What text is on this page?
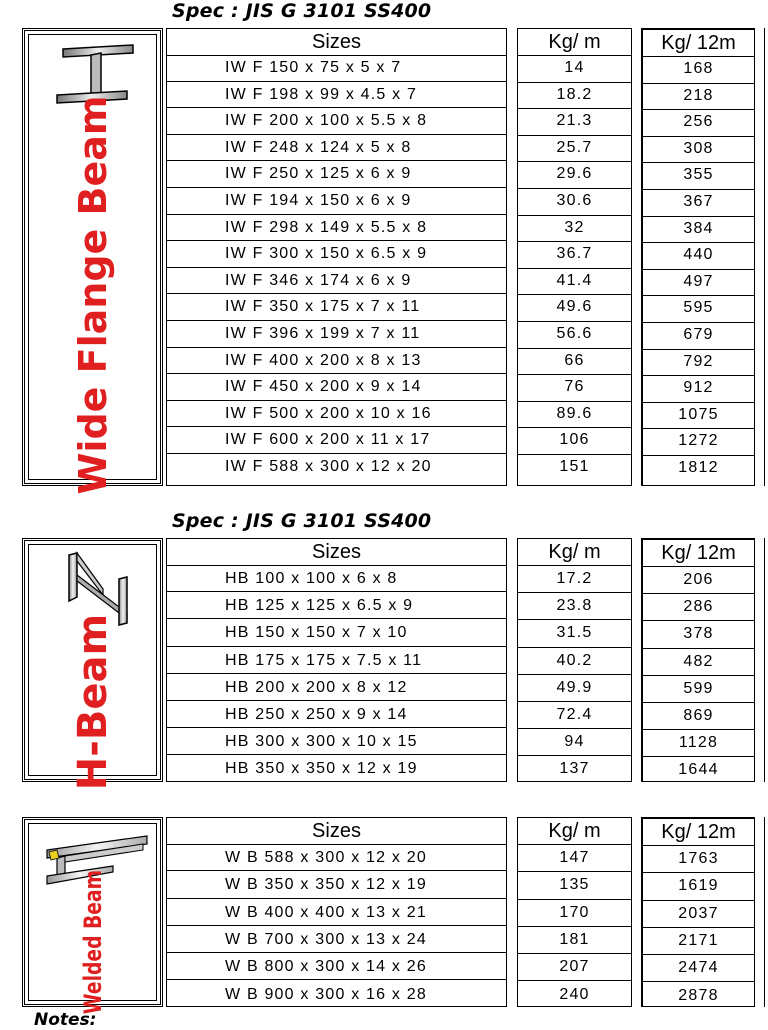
Spec : JIS G 3101 SS400
Wide Flange Beam
Sizes
IW F 150 x 75 x 5 x 7
IW F 198 x 99 x 4.5 x 7
IW F 200 x 100 x 5.5 x 8
IW F 248 x 124 x 5 x 8
IW F 250 x 125 x 6 x 9
IW F 194 x 150 x 6 x 9
IW F 298 x 149 x 5.5 x 8
IW F 300 x 150 x 6.5 x 9
IW F 346 x 174 x 6 x 9
IW F 350 x 175 x 7 x 11
IW F 396 x 199 x 7 x 11
IW F 400 x 200 x 8 x 13
IW F 450 x 200 x 9 x 14
IW F 500 x 200 x 10 x 16
IW F 600 x 200 x 11 x 17
IW F 588 x 300 x 12 x 20
Kg/ m
14
18.2
21.3
25.7
29.6
30.6
32
36.7
41.4
49.6
56.6
66
76
89.6
106
151
Kg/ 12m
168
218
256
308
355
367
384
440
497
595
679
792
912
1075
1272
1812
Spec : JIS G 3101 SS400
H-Beam
Sizes
HB 100 x 100 x 6 x 8
HB 125 x 125 x 6.5 x 9
HB 150 x 150 x 7 x 10
HB 175 x 175 x 7.5 x 11
HB 200 x 200 x 8 x 12
HB 250 x 250 x 9 x 14
HB 300 x 300 x 10 x 15
HB 350 x 350 x 12 x 19
Kg/ m
17.2
23.8
31.5
40.2
49.9
72.4
94
137
Kg/ 12m
206
286
378
482
599
869
1128
1644
Welded Beam
Sizes
W B 588 x 300 x 12 x 20
W B 350 x 350 x 12 x 19
W B 400 x 400 x 13 x 21
W B 700 x 300 x 13 x 24
W B 800 x 300 x 14 x 26
W B 900 x 300 x 16 x 28
Kg/ m
147
135
170
181
207
240
Kg/ 12m
1763
1619
2037
2171
2474
2878
Notes:
